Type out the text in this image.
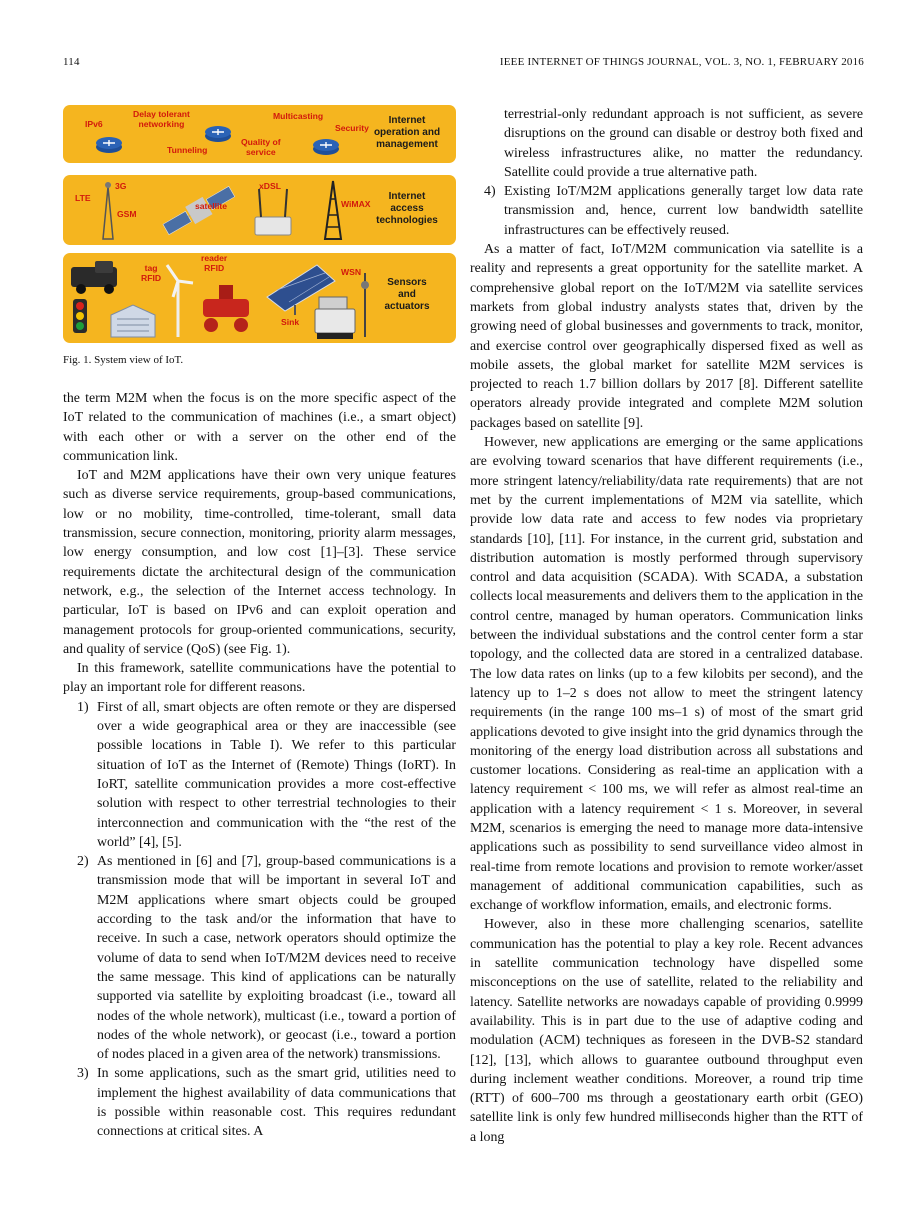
114	IEEE INTERNET OF THINGS JOURNAL, VOL. 3, NO. 1, FEBRUARY 2016
IPv6
Delay tolerant
networking
Tunneling
Multicasting
Quality of
service
Security
Internet
operation and
management
LTE
3G
GSM
satellite
xDSL
WiMAX
Internet
access
technologies
tag
RFID
reader
RFID
Sink
WSN
Sensors
and
actuators
Fig. 1. System view of IoT.

the term M2M when the focus is on the more specific aspect of the IoT related to the communication of machines (i.e., a smart object) with each other or with a server on the other end of the communication link.

IoT and M2M applications have their own very unique features such as diverse service requirements, group-based communications, low or no mobility, time-controlled, time-tolerant, small data transmission, secure connection, monitoring, priority alarm messages, low energy consumption, and low cost [1]–[3]. These service requirements dictate the architectural design of the communication network, e.g., the selection of the Internet access technology. In particular, IoT is based on IPv6 and can exploit operation and management protocols for group-oriented communications, security, and quality of service (QoS) (see Fig. 1).

In this framework, satellite communications have the potential to play an important role for different reasons.

1) First of all, smart objects are often remote or they are dispersed over a wide geographical area or they are inaccessible (see possible locations in Table I). We refer to this particular situation of IoT as the Internet of (Remote) Things (IoRT). In IoRT, satellite communication provides a more cost-effective solution with respect to other terrestrial technologies to their interconnection and communication with the “the rest of the world” [4], [5].
2) As mentioned in [6] and [7], group-based communications is a transmission mode that will be important in several IoT and M2M applications where smart objects could be grouped according to the task and/or the information that have to receive. In such a case, network operators should optimize the volume of data to send when IoT/M2M devices need to receive the same message. This kind of applications can be naturally supported via satellite by exploiting broadcast (i.e., toward all nodes of the whole network), multicast (i.e., toward a portion of nodes of the whole network), or geocast (i.e., toward a portion of nodes placed in a given area of the network) transmissions.
3) In some applications, such as the smart grid, utilities need to implement the highest availability of data communications that is possible within reasonable cost. This requires redundant connections at critical sites. A
terrestrial-only redundant approach is not sufficient, as severe disruptions on the ground can disable or destroy both fixed and wireless infrastructures alike, no matter the redundancy. Satellite could provide a true alternative path.
4) Existing IoT/M2M applications generally target low data rate transmission and, hence, current low bandwidth satellite infrastructures can be effectively reused.

As a matter of fact, IoT/M2M communication via satellite is a reality and represents a great opportunity for the satellite market. A comprehensive global report on the IoT/M2M via satellite services markets from global industry analysts states that, driven by the growing need of global businesses and governments to track, monitor, and exercise control over geographically dispersed fixed as well as mobile assets, the global market for satellite M2M services is projected to reach 1.7 billion dollars by 2017 [8]. Different satellite operators already provide integrated and complete M2M solution packages based on satellite [9].

However, new applications are emerging or the same applications are evolving toward scenarios that have different requirements (i.e., more stringent latency/reliability/data rate requirements) that are not met by the current implementations of M2M via satellite, which provide low data rate and access to few nodes via proprietary standards [10], [11]. For instance, in the current grid, substation and distribution automation is mostly performed through supervisory control and data acquisition (SCADA). With SCADA, a substation collects local measurements and delivers them to the application in the control centre, managed by human operators. Communication links between the individual substations and the control center form a star topology, and the collected data are stored in a centralized database. The low data rates on links (up to a few kilobits per second), and the latency up to 1–2 s does not allow to meet the stringent latency requirements (in the range 100 ms–1 s) of most of the smart grid applications devoted to give insight into the grid dynamics through the monitoring of the energy load distribution across all substations and customer locations. Considering as real-time an application with a latency requirement < 100 ms, we will refer as almost real-time an application with a latency requirement < 1 s. Moreover, in several M2M, scenarios is emerging the need to manage more data-intensive applications such as possibility to send surveillance video almost in real-time from remote locations and provision to remote worker/asset management of additional communication capabilities, such as exchange of workflow information, emails, and electronic forms.

However, also in these more challenging scenarios, satellite communication has the potential to play a key role. Recent advances in satellite communication technology have dispelled some misconceptions on the use of satellite, related to the reliability and latency. Satellite networks are nowadays capable of providing 0.9999 availability. This is in part due to the use of adaptive coding and modulation (ACM) techniques as foreseen in the DVB-S2 standard [12], [13], which allows to guarantee outbound throughput even during inclement weather conditions. Moreover, a round trip time (RTT) of 600–700 ms through a geostationary earth orbit (GEO) satellite link is only few hundred milliseconds higher than the RTT of a long
